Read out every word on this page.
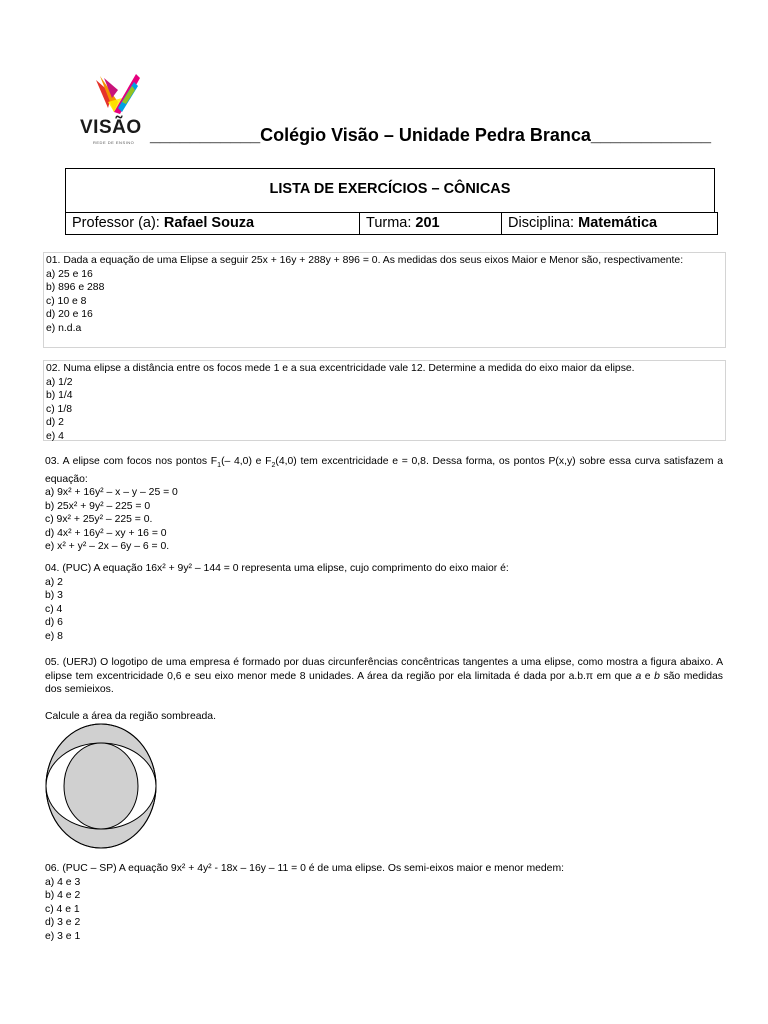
VISÃO
REDE DE ENSINO ___________Colégio Visão – Unidade Pedra Branca____________
LISTA DE EXERCÍCIOS – CÔNICAS
Professor (a): Rafael Souza	Turma: 201	Disciplina: Matemática
01. Dada a equação de uma Elipse a seguir 25x + 16y + 288y + 896 = 0. As medidas dos seus eixos Maior e Menor são, respectivamente:
a) 25 e 16
b) 896 e 288
c) 10 e 8
d) 20 e 16
e) n.d.a
02. Numa elipse a distância entre os focos mede 1 e a sua excentricidade vale 12. Determine a medida do eixo maior da elipse.
a) 1/2
b) 1/4
c) 1/8
d) 2
e) 4
03. A elipse com focos nos pontos $F_1(-$ 4,0) e $F_2(4,0)$ tem excentricidade e = 0,8. Dessa forma, os pontos P(x,y) sobre essa curva satisfazem a equação:
a) 9x² + 16y² – x – y – 25 = 0
b) 25x² + 9y² – 225 = 0
c) 9x² + 25y² – 225 = 0.
d) 4x² + 16y² – xy + 16 = 0
e) x² + y² – 2x – 6y – 6 = 0.
04. (PUC) A equação 16x² + 9y² – 144 = 0 representa uma elipse, cujo comprimento do eixo maior é:
a) 2
b) 3
c) 4
d) 6
e) 8
05. (UERJ) O logotipo de uma empresa é formado por duas circunferências concêntricas tangentes a uma elipse, como mostra a figura abaixo. A elipse tem excentricidade 0,6 e seu eixo menor mede 8 unidades. A área da região por ela limitada é dada por a.b.π em que a e b são medidas dos semieixos.
Calcule a área da região sombreada.
06. (PUC – SP) A equação 9x² + 4y² - 18x – 16y – 11 = 0 é de uma elipse. Os semi-eixos maior e menor medem:
a) 4 e 3
b) 4 e 2
c) 4 e 1
d) 3 e 2
e) 3 e 1
